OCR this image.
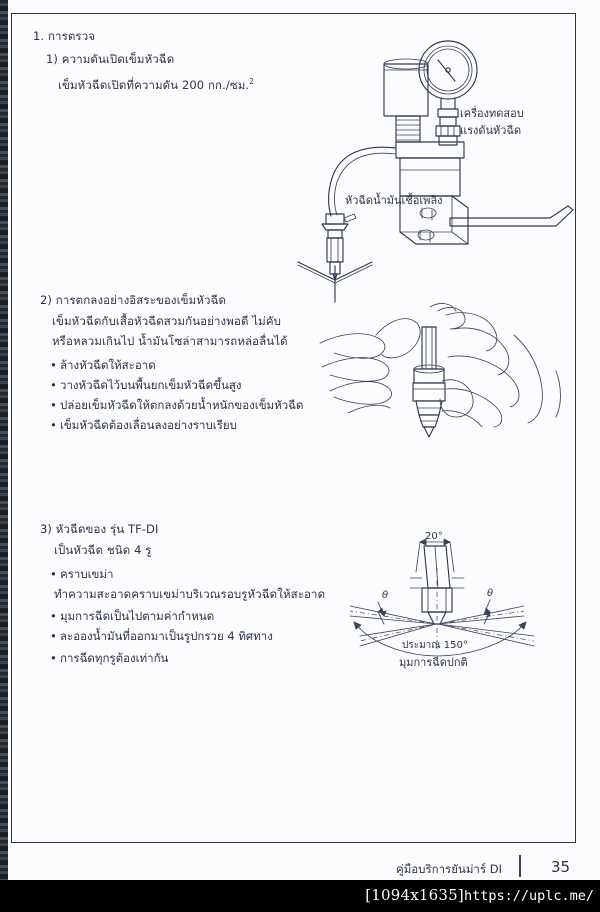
1. การตรวจ
1) ความดันเปิดเข็มหัวฉีด
เข็มหัวฉีดเปิดที่ความดัน 200 กก./ซม.$^2$
เครื่องทดสอบ
แรงดันหัวฉีด
หัวฉีดน้ำมันเชื้อเพลิง
2) การตกลงอย่างอิสระของเข็มหัวฉีด
เข็มหัวฉีดกับเสื้อหัวฉีดสวมกันอย่างพอดี ไม่คับ
หรือหลวมเกินไป น้ำมันโซล่าสามารถหล่อลื่นได้
• ล้างหัวฉีดให้สะอาด
• วางหัวฉีดไว้บนพื้นยกเข็มหัวฉีดขึ้นสูง
• ปล่อยเข็มหัวฉีดให้ตกลงด้วยน้ำหนักของเข็มหัวฉีด
• เข็มหัวฉีดต้องเลื่อนลงอย่างราบเรียบ
3) หัวฉีดของ รุ่น TF-DI
เป็นหัวฉีด ชนิด 4 รู
• คราบเขม่า
ทำความสะอาดคราบเขม่าบริเวณรอบรูหัวฉีดให้สะอาด
• มุมการฉีดเป็นไปตามค่ากำหนด
• ละอองน้ำมันที่ออกมาเป็นรูปกรวย 4 ทิศทาง
• การฉีดทุกรูต้องเท่ากัน
20°
θ	θ
ประมาณ 150°
มุมการฉีดปกติ
คู่มือบริการยันม่าร์ DI	35
[1094x1635]https://uplc.me/
